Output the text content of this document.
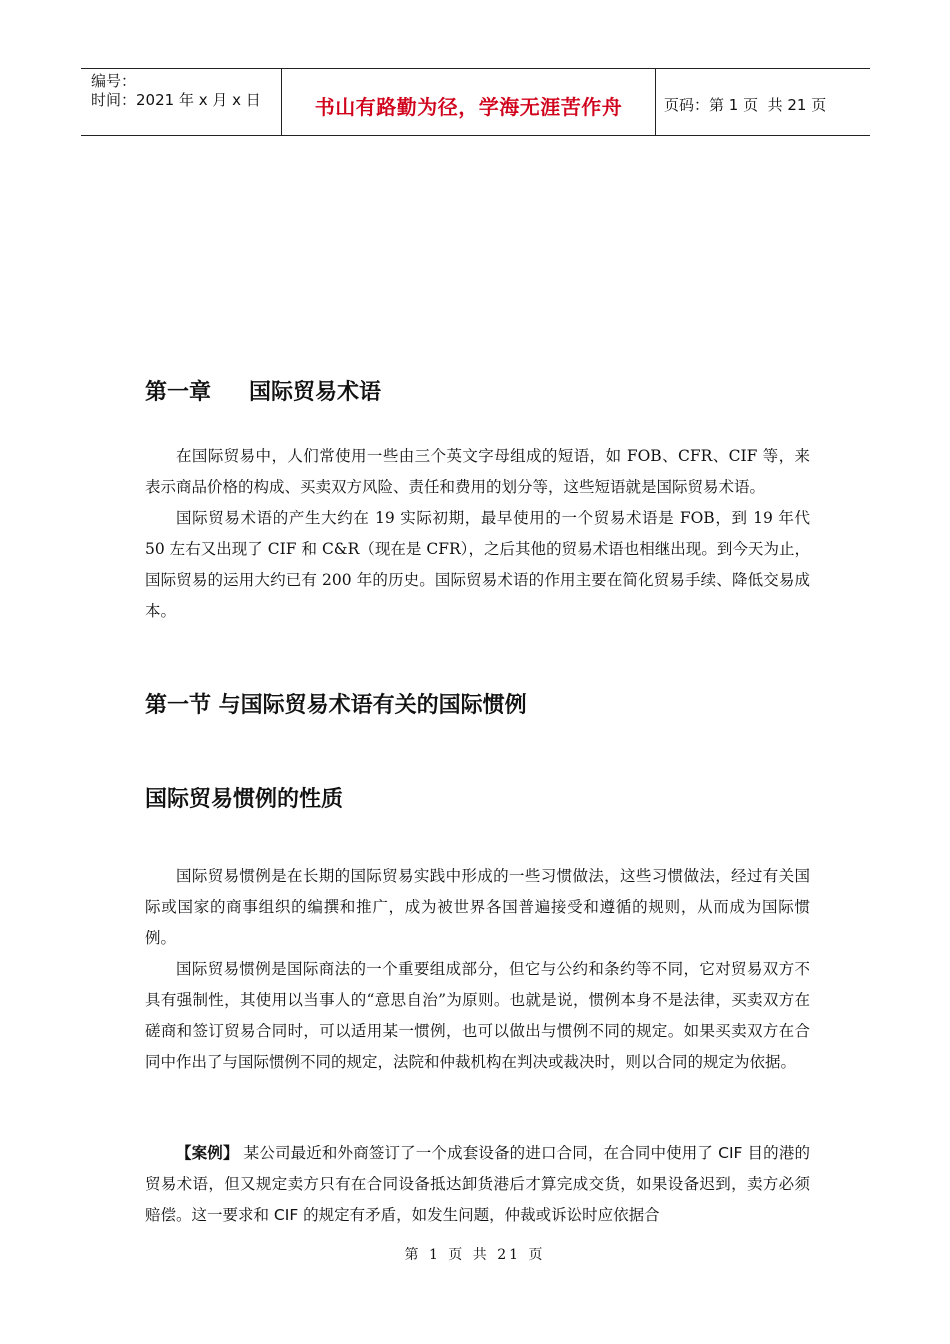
编号：
时间：2021 年 x 月 x 日	书山有路勤为径，学海无涯苦作舟	页码：第 1 页  共 21 页
第一章 国际贸易术语

在国际贸易中，人们常使用一些由三个英文字母组成的短语，如 FOB、CFR、CIF 等，来表示商品价格的构成、买卖双方风险、责任和费用的划分等，这些短语就是国际贸易术语。

国际贸易术语的产生大约在 19 实际初期，最早使用的一个贸易术语是 FOB，到 19 年代 50 左右又出现了 CIF 和 C&R（现在是 CFR），之后其他的贸易术语也相继出现。到今天为止，国际贸易的运用大约已有 200 年的历史。国际贸易术语的作用主要在简化贸易手续、降低交易成本。

第一节 与国际贸易术语有关的国际惯例
国际贸易惯例的性质

国际贸易惯例是在长期的国际贸易实践中形成的一些习惯做法，这些习惯做法，经过有关国际或国家的商事组织的编撰和推广，成为被世界各国普遍接受和遵循的规则，从而成为国际惯例。

国际贸易惯例是国际商法的一个重要组成部分，但它与公约和条约等不同，它对贸易双方不具有强制性，其使用以当事人的“意思自治”为原则。也就是说，惯例本身不是法律，买卖双方在磋商和签订贸易合同时，可以适用某一惯例，也可以做出与惯例不同的规定。如果买卖双方在合同中作出了与国际惯例不同的规定，法院和仲裁机构在判决或裁决时，则以合同的规定为依据。

【案例】 某公司最近和外商签订了一个成套设备的进口合同，在合同中使用了 CIF 目的港的贸易术语，但又规定卖方只有在合同设备抵达卸货港后才算完成交货，如果设备迟到，卖方必须赔偿。这一要求和 CIF 的规定有矛盾，如发生问题，仲裁或诉讼时应依据合

第 1 页 共 21 页
